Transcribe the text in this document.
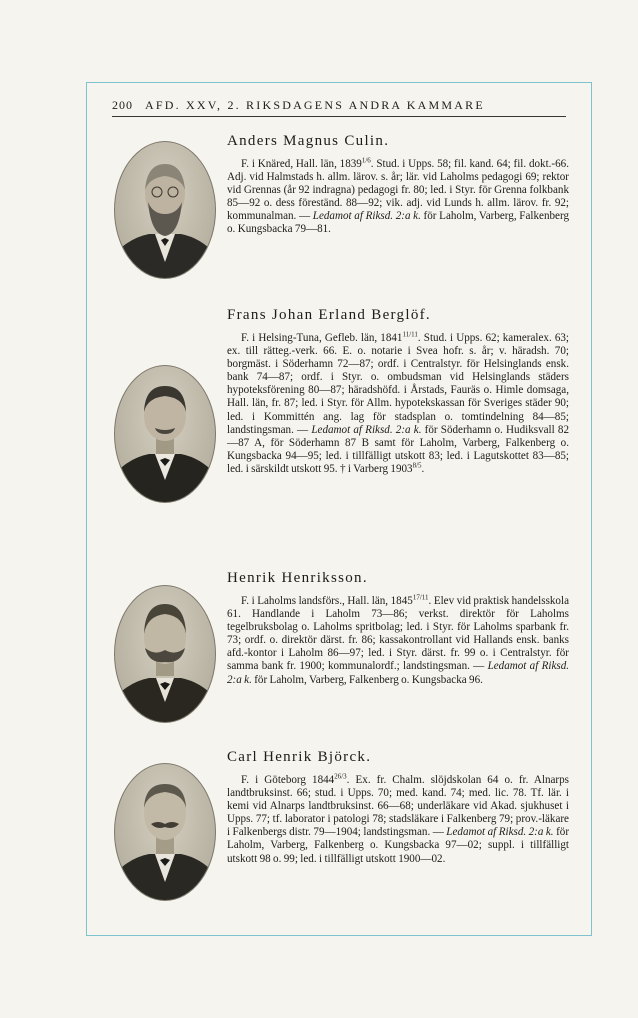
200 AFD. XXV, 2. RIKSDAGENS ANDRA KAMMARE
Anders Magnus Culin.

F. i Knäred, Hall. län, $1839^{1/6}$. Stud. i Upps. 58; fil. kand. 64; fil. dokt.-66. Adj. vid Halmstads h. allm. lärov. s. år; lär. vid Laholms pedagogi 69; rektor vid Grennas (år 92 indragna) pedagogi fr. 80; led. i Styr. för Grenna folkbank 85—92 o. dess föreständ. 88—92; vik. adj. vid Lunds h. allm. lärov. fr. 92; kommunalman. — Ledamot af Riksd. 2:a k. för Laholm, Varberg, Falkenberg o. Kungsbacka 79—81.

Frans Johan Erland Berglöf.

F. i Helsing-Tuna, Gefleb. län, $1841^{11/11}$. Stud. i Upps. 62; kameralex. 63; ex. till rätteg.-verk. 66. E. o. notarie i Svea hofr. s. år; v. häradsh. 70; borgmäst. i Söderhamn 72—87; ordf. i Centralstyr. för Helsinglands ensk. bank 74—87; ordf. i Styr. o. ombudsman vid Helsinglands städers hypoteksförening 80—87; häradshöfd. i Årstads, Fauräs o. Himle domsaga, Hall. län, fr. 87; led. i Styr. för Allm. hypotekskassan för Sveriges städer 90; led. i Kommittén ang. lag för stadsplan o. tomtindelning 84—85; landstingsman. — Ledamot af Riksd. 2:a k. för Söderhamn o. Hudiksvall 82—87 A, för Söderhamn 87 B samt för Laholm, Varberg, Falkenberg o. Kungsbacka 94—95; led. i tillfälligt utskott 83; led. i Lagutskottet 83—85; led. i särskildt utskott 95. † i Varberg $1903^{8/5}$.

Henrik Henriksson.

F. i Laholms landsförs., Hall. län, $1845^{17/11}$. Elev vid praktisk handelsskola 61. Handlande i Laholm 73—86; verkst. direktör för Laholms tegelbruksbolag o. Laholms spritbolag; led. i Styr. för Laholms sparbank fr. 73; ordf. o. direktör därst. fr. 86; kassakontrollant vid Hallands ensk. banks afd.-kontor i Laholm 86—97; led. i Styr. därst. fr. 99 o. i Centralstyr. för samma bank fr. 1900; kommunalordf.; landstingsman. — Ledamot af Riksd. 2:a k. för Laholm, Varberg, Falkenberg o. Kungsbacka 96.

Carl Henrik Björck.

F. i Göteborg $1844^{26/3}$. Ex. fr. Chalm. slöjdskolan 64 o. fr. Alnarps landtbruksinst. 66; stud. i Upps. 70; med. kand. 74; med. lic. 78. Tf. lär. i kemi vid Alnarps landtbruksinst. 66—68; underläkare vid Akad. sjukhuset i Upps. 77; tf. laborator i patologi 78; stadsläkare i Falkenberg 79; prov.-läkare i Falkenbergs distr. 79—1904; landstingsman. — Ledamot af Riksd. 2:a k. för Laholm, Varberg, Falkenberg o. Kungsbacka 97—02; suppl. i tillfälligt utskott 98 o. 99; led. i tillfälligt utskott 1900—02.
